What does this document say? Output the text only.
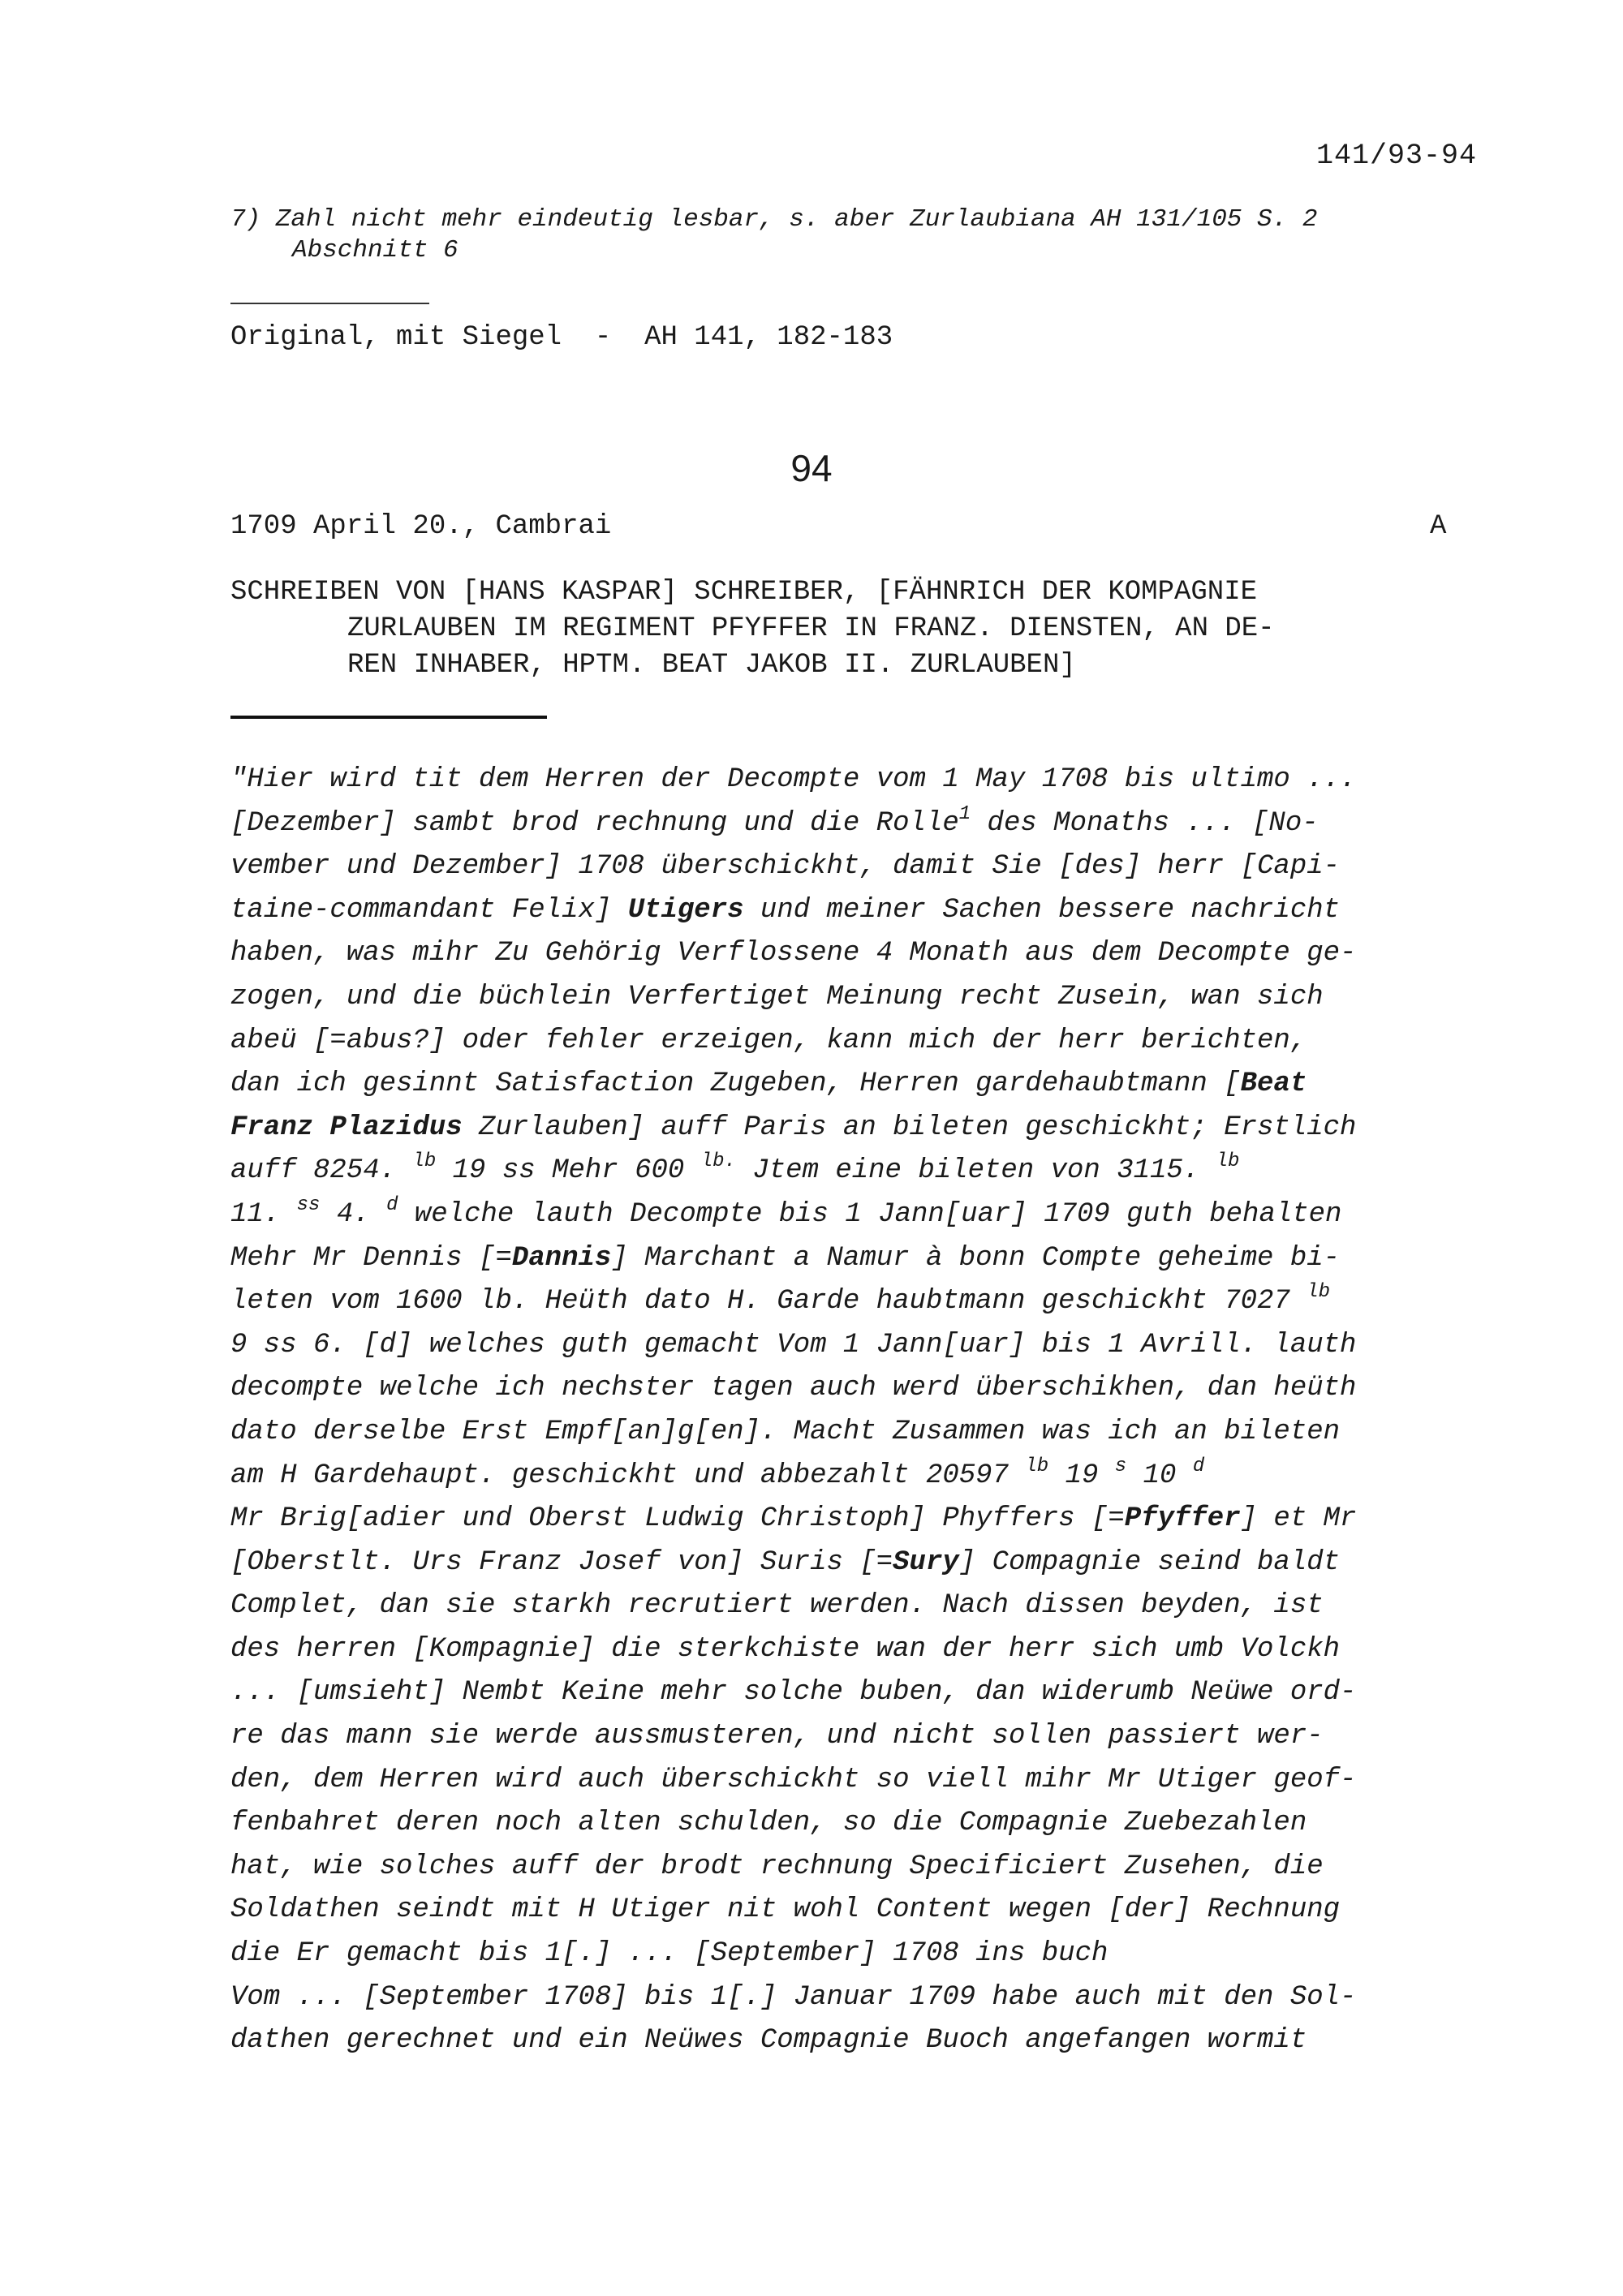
141/93-94
7) Zahl nicht mehr eindeutig lesbar, s. aber Zurlaubiana AH 131/105 S. 2
Abschnitt 6
Original, mit Siegel  -  AH 141, 182-183
94
1709 April 20., Cambrai	A
SCHREIBEN VON [HANS KASPAR] SCHREIBER, [FÄHNRICH DER KOMPAGNIE
ZURLAUBEN IM REGIMENT PFYFFER IN FRANZ. DIENSTEN, AN DE-
REN INHABER, HPTM. BEAT JAKOB II. ZURLAUBEN]
"Hier wird tit dem Herren der Decompte vom 1 May 1708 bis ultimo ...
[Dezember] sambt brod rechnung und die Rolle$^1$ des Monaths ... [No-
vember und Dezember] 1708 überschickht, damit Sie [des] herr [Capi-
taine-commandant Felix] Utigers und meiner Sachen bessere nachricht
haben, was mihr Zu Gehörig Verflossene 4 Monath aus dem Decompte ge-
zogen, und die büchlein Verfertiget Meinung recht Zusein, wan sich
abeü [=abus?] oder fehler erzeigen, kann mich der herr berichten,
dan ich gesinnt Satisfaction Zugeben, Herren gardehaubtmann [Beat
Franz Plazidus Zurlauben] auff Paris an bileten geschickht; Erstlich
auff 8254. $^{lb}$ 19 ss Mehr 600 $^{lb.}$ Jtem eine bileten von 3115. $^{lb}$
11. $^{ss}$ 4. $^d$ welche lauth Decompte bis 1 Jann[uar] 1709 guth behalten
Mehr Mr Dennis [=Dannis] Marchant a Namur à bonn Compte geheime bi-
leten vom 1600 lb. Heüth dato H. Garde haubtmann geschickht 7027 $^{lb}$
9 ss 6. [d] welches guth gemacht Vom 1 Jann[uar] bis 1 Avrill. lauth
decompte welche ich nechster tagen auch werd überschikhen, dan heüth
dato derselbe Erst Empf[an]g[en]. Macht Zusammen was ich an bileten
am H Gardehaupt. geschickht und abbezahlt 20597 $^{lb}$ 19 $^s$ 10 $^d$
Mr Brig[adier und Oberst Ludwig Christoph] Phyffers [=Pfyffer] et Mr
[Oberstlt. Urs Franz Josef von] Suris [=Sury] Compagnie seind baldt
Complet, dan sie starkh recrutiert werden. Nach dissen beyden, ist
des herren [Kompagnie] die sterkchiste wan der herr sich umb Volckh
... [umsieht] Nembt Keine mehr solche buben, dan widerumb Neüwe ord-
re das mann sie werde aussmusteren, und nicht sollen passiert wer-
den, dem Herren wird auch überschickht so viell mihr Mr Utiger geof-
fenbahret deren noch alten schulden, so die Compagnie Zuebezahlen
hat, wie solches auff der brodt rechnung Specificiert Zusehen, die
Soldathen seindt mit H Utiger nit wohl Content wegen [der] Rechnung
die Er gemacht bis 1[.] ... [September] 1708 ins buch
Vom ... [September 1708] bis 1[.] Januar 1709 habe auch mit den Sol-
dathen gerechnet und ein Neüwes Compagnie Buoch angefangen wormit
